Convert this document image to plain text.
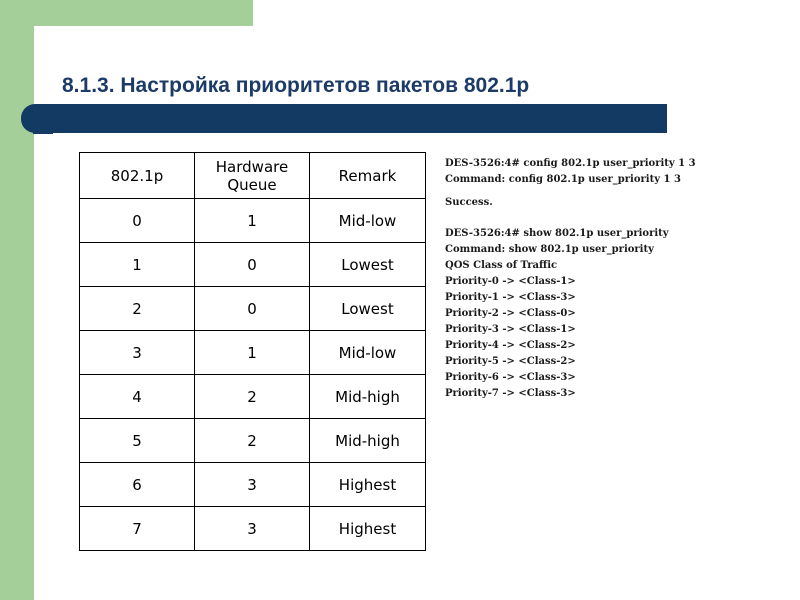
8.1.3. Настройка приоритетов пакетов 802.1p
802.1p	Hardware Queue	Remark
0	1	Mid-low
1	0	Lowest
2	0	Lowest
3	1	Mid-low
4	2	Mid-high
5	2	Mid-high
6	3	Highest
7	3	Highest
DES-3526:4# config 802.1p user_priority 1 3
Command: config 802.1p user_priority 1 3
Success.
DES-3526:4# show 802.1p user_priority
Command: show 802.1p user_priority
QOS Class of Traffic
Priority-0 -> <Class-1>
Priority-1 -> <Class-3>
Priority-2 -> <Class-0>
Priority-3 -> <Class-1>
Priority-4 -> <Class-2>
Priority-5 -> <Class-2>
Priority-6 -> <Class-3>
Priority-7 -> <Class-3>
